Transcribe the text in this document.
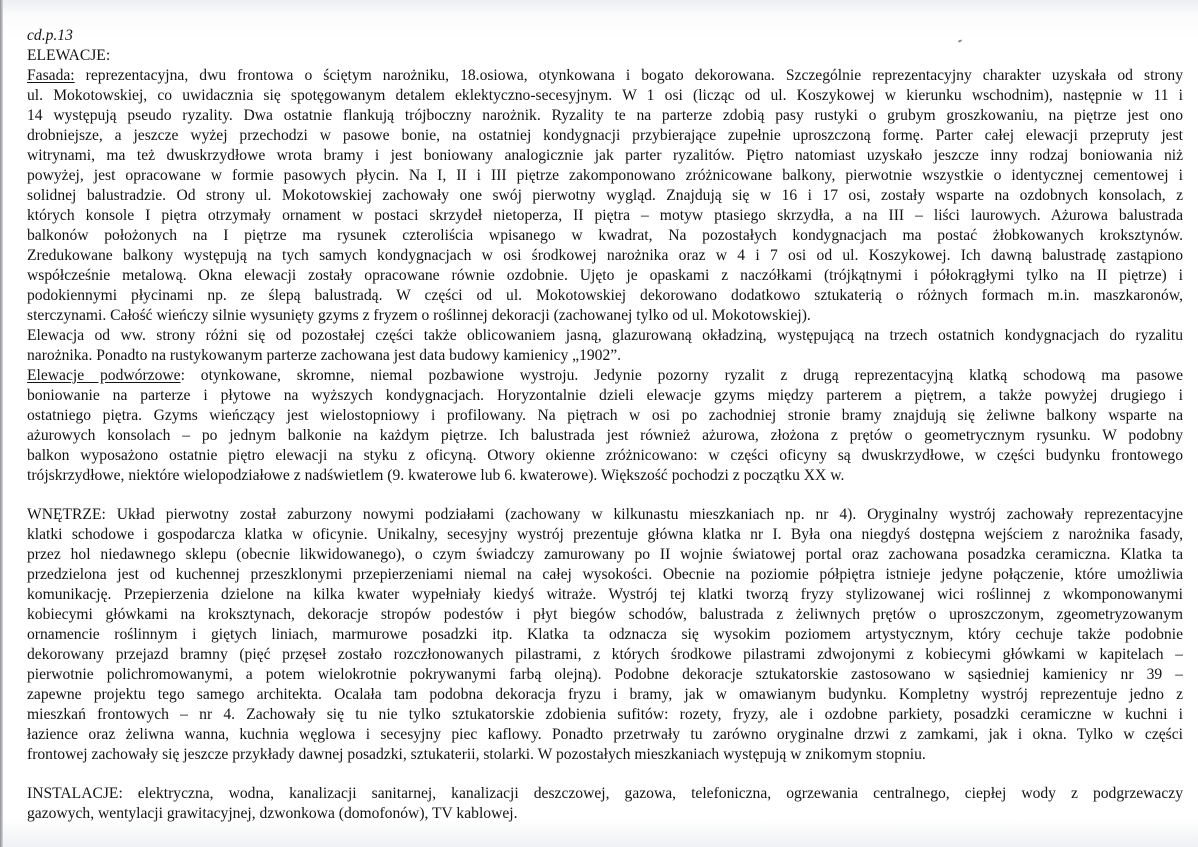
cd.p.13
ELEWACJE:
Fasada: reprezentacyjna, dwu frontowa o ściętym narożniku, 18.osiowa, otynkowana i bogato dekorowana. Szczególnie reprezentacyjny charakter uzyskała od strony
ul. Mokotowskiej, co uwidacznia się spotęgowanym detalem eklektyczno-secesyjnym. W 1 osi (licząc od ul. Koszykowej w kierunku wschodnim), następnie w 11 i
14 występują pseudo ryzality. Dwa ostatnie flankują trójboczny narożnik. Ryzality te na parterze zdobią pasy rustyki o grubym groszkowaniu, na piętrze jest ono
drobniejsze, a jeszcze wyżej przechodzi w pasowe bonie, na ostatniej kondygnacji przybierające zupełnie uproszczoną formę. Parter całej elewacji przepruty jest
witrynami, ma też dwuskrzydłowe wrota bramy i jest boniowany analogicznie jak parter ryzalitów. Piętro natomiast uzyskało jeszcze inny rodzaj boniowania niż
powyżej, jest opracowane w formie pasowych płycin. Na I, II i III piętrze zakomponowano zróżnicowane balkony, pierwotnie wszystkie o identycznej cementowej i
solidnej balustradzie. Od strony ul. Mokotowskiej zachowały one swój pierwotny wygląd. Znajdują się w 16 i 17 osi, zostały wsparte na ozdobnych konsolach, z
których konsole I piętra otrzymały ornament w postaci skrzydeł nietoperza, II piętra – motyw ptasiego skrzydła, a na III – liści laurowych. Ażurowa balustrada
balkonów położonych na I piętrze ma rysunek czteroliścia wpisanego w kwadrat, Na pozostałych kondygnacjach ma postać żłobkowanych kroksztynów.
Zredukowane balkony występują na tych samych kondygnacjach w osi środkowej narożnika oraz w 4 i 7 osi od ul. Koszykowej. Ich dawną balustradę zastąpiono
współcześnie metalową. Okna elewacji zostały opracowane równie ozdobnie. Ujęto je opaskami z naczółkami (trójkątnymi i półokrągłymi tylko na II piętrze) i
podokiennymi płycinami np. ze ślepą balustradą. W części od ul. Mokotowskiej dekorowano dodatkowo sztukaterią o różnych formach m.in. maszkaronów,
sterczynami. Całość wieńczy silnie wysunięty gzyms z fryzem o roślinnej dekoracji (zachowanej tylko od ul. Mokotowskiej).
Elewacja od ww. strony różni się od pozostałej części także oblicowaniem jasną, glazurowaną okładziną, występującą na trzech ostatnich kondygnacjach do ryzalitu
narożnika. Ponadto na rustykowanym parterze zachowana jest data budowy kamienicy „1902”.
Elewacje podwórzowe: otynkowane, skromne, niemal pozbawione wystroju. Jedynie pozorny ryzalit z drugą reprezentacyjną klatką schodową ma pasowe
boniowanie na parterze i płytowe na wyższych kondygnacjach. Horyzontalnie dzieli elewacje gzyms między parterem a piętrem, a także powyżej drugiego i
ostatniego piętra. Gzyms wieńczący jest wielostopniowy i profilowany. Na piętrach w osi po zachodniej stronie bramy znajdują się żeliwne balkony wsparte na
ażurowych konsolach – po jednym balkonie na każdym piętrze. Ich balustrada jest również ażurowa, złożona z prętów o geometrycznym rysunku. W podobny
balkon wyposażono ostatnie piętro elewacji na styku z oficyną. Otwory okienne zróżnicowano: w części oficyny są dwuskrzydłowe, w części budynku frontowego
trójskrzydłowe, niektóre wielopodziałowe z nadświetlem (9. kwaterowe lub 6. kwaterowe). Większość pochodzi z początku XX w.
WNĘTRZE: Układ pierwotny został zaburzony nowymi podziałami (zachowany w kilkunastu mieszkaniach np. nr 4). Oryginalny wystrój zachowały reprezentacyjne
klatki schodowe i gospodarcza klatka w oficynie. Unikalny, secesyjny wystrój prezentuje główna klatka nr I. Była ona niegdyś dostępna wejściem z narożnika fasady,
przez hol niedawnego sklepu (obecnie likwidowanego), o czym świadczy zamurowany po II wojnie światowej portal oraz zachowana posadzka ceramiczna. Klatka ta
przedzielona jest od kuchennej przeszklonymi przepierzeniami niemal na całej wysokości. Obecnie na poziomie półpiętra istnieje jedyne połączenie, które umożliwia
komunikację. Przepierzenia dzielone na kilka kwater wypełniały kiedyś witraże. Wystrój tej klatki tworzą fryzy stylizowanej wici roślinnej z wkomponowanymi
kobiecymi główkami na kroksztynach, dekoracje stropów podestów i płyt biegów schodów, balustrada z żeliwnych prętów o uproszczonym, zgeometryzowanym
ornamencie roślinnym i giętych liniach, marmurowe posadzki itp. Klatka ta odznacza się wysokim poziomem artystycznym, który cechuje także podobnie
dekorowany przejazd bramny (pięć przęseł zostało rozczłonowanych pilastrami, z których środkowe pilastrami zdwojonymi z kobiecymi główkami w kapitelach –
pierwotnie polichromowanymi, a potem wielokrotnie pokrywanymi farbą olejną). Podobne dekoracje sztukatorskie zastosowano w sąsiedniej kamienicy nr 39 –
zapewne projektu tego samego architekta. Ocalała tam podobna dekoracja fryzu i bramy, jak w omawianym budynku. Kompletny wystrój reprezentuje jedno z
mieszkań frontowych – nr 4. Zachowały się tu nie tylko sztukatorskie zdobienia sufitów: rozety, fryzy, ale i ozdobne parkiety, posadzki ceramiczne w kuchni i
łazience oraz żeliwna wanna, kuchnia węglowa i secesyjny piec kaflowy. Ponadto przetrwały tu zarówno oryginalne drzwi z zamkami, jak i okna. Tylko w części
frontowej zachowały się jeszcze przykłady dawnej posadzki, sztukaterii, stolarki. W pozostałych mieszkaniach występują w znikomym stopniu.
INSTALACJE: elektryczna, wodna, kanalizacji sanitarnej, kanalizacji deszczowej, gazowa, telefoniczna, ogrzewania centralnego, ciepłej wody z podgrzewaczy
gazowych, wentylacji grawitacyjnej, dzwonkowa (domofonów), TV kablowej.
